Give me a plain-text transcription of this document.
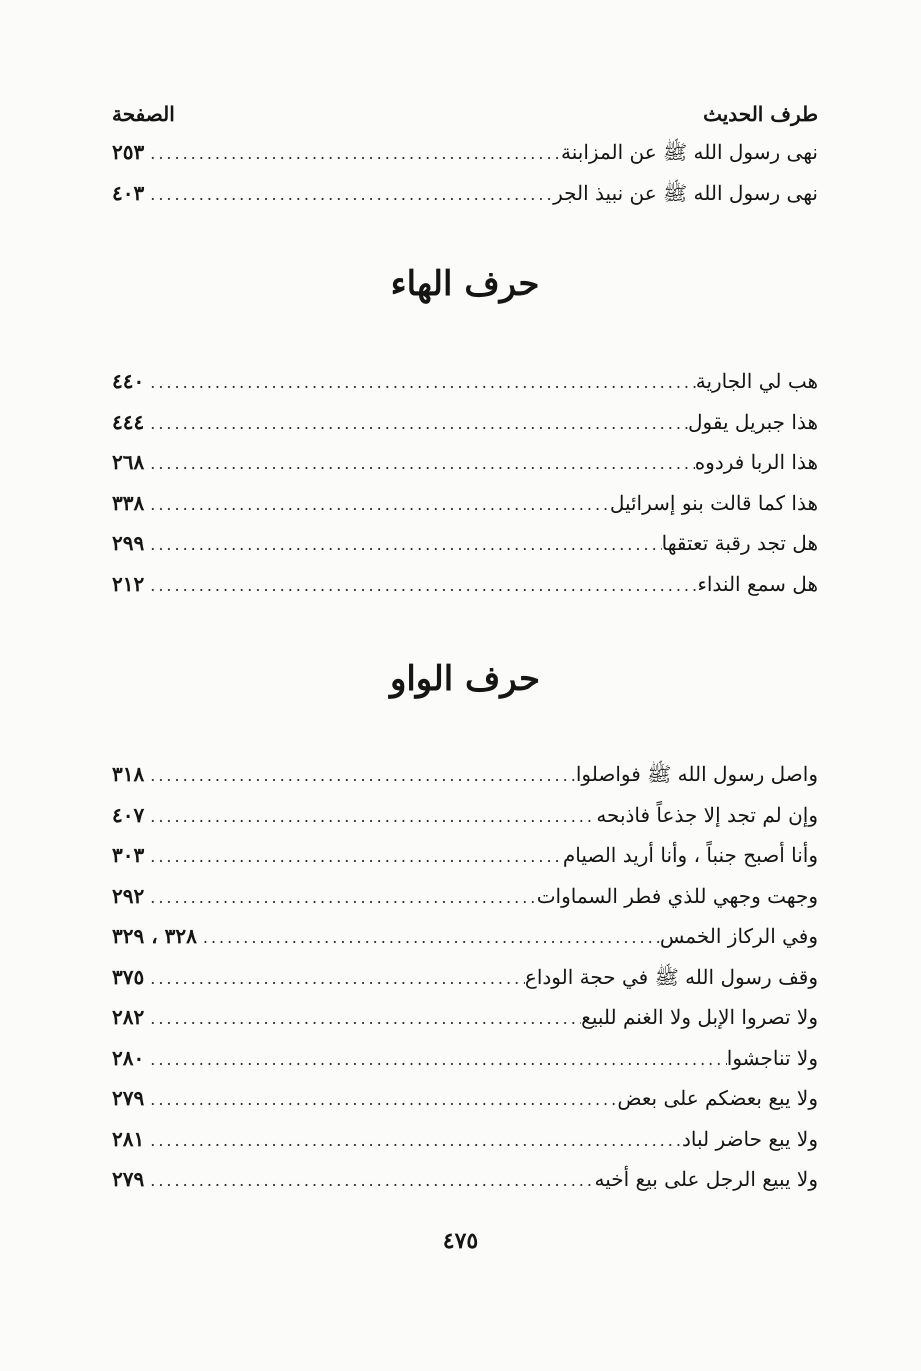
طرف الحديث
الصفحة
نهى رسول الله ﷺ عن المزابنة
.....
٢٥٣
نهى رسول الله ﷺ عن نبيذ الجر
.....
٤٠٣
حرف الهاء
هب لي الجارية
.....
٤٤٠
هذا جبريل يقول
.....
٤٤٤
هذا الربا فردوه
.....
٢٦٨
هذا كما قالت بنو إسرائيل
.....
٣٣٨
هل تجد رقبة تعتقها
.....
٢٩٩
هل سمع النداء
.....
٢١٢
حرف الواو
واصل رسول الله ﷺ فواصلوا
.....
٣١٨
وإن لم تجد إلا جذعاً فاذبحه
.....
٤٠٧
وأنا أصبح جنباً ، وأنا أريد الصيام
.....
٣٠٣
وجهت وجهي للذي فطر السماوات
.....
٢٩٢
وفي الركاز الخمس
.....
٣٢٨ ، ٣٢٩
وقف رسول الله ﷺ في حجة الوداع
.....
٣٧٥
ولا تصروا الإبل ولا الغنم للبيع
.....
٢٨٢
ولا تناجشوا
.....
٢٨٠
ولا يبع بعضكم على بعض
.....
٢٧٩
ولا يبع حاضر لباد
.....
٢٨١
ولا يبيع الرجل على بيع أخيه
.....
٢٧٩
٤٧٥
